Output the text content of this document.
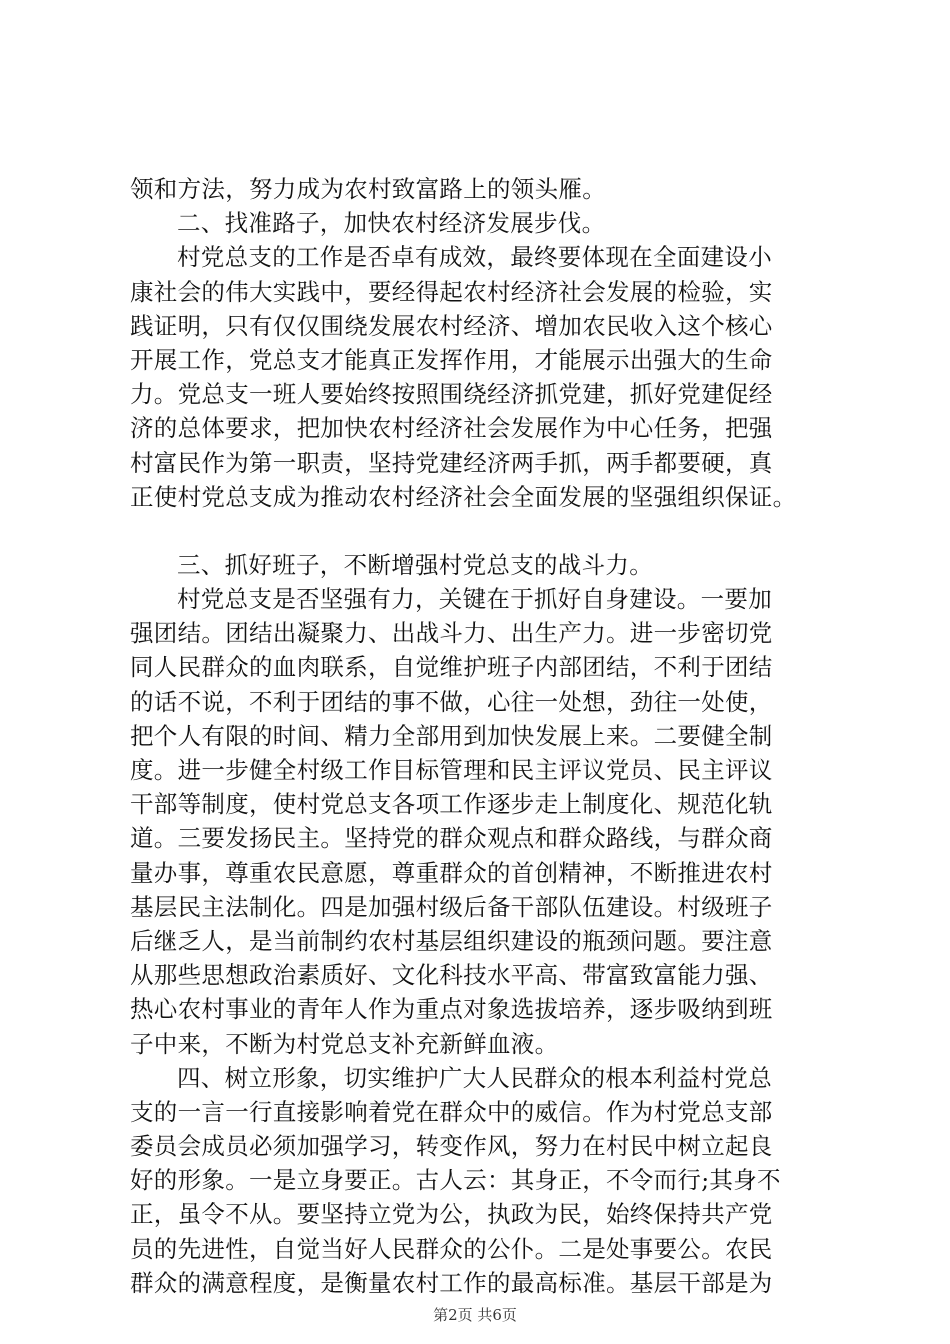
领和方法，努力成为农村致富路上的领头雁。
二、找准路子，加快农村经济发展步伐。
村党总支的工作是否卓有成效，最终要体现在全面建设小
康社会的伟大实践中，要经得起农村经济社会发展的检验，实
践证明，只有仅仅围绕发展农村经济、增加农民收入这个核心
开展工作，党总支才能真正发挥作用，才能展示出强大的生命
力。党总支一班人要始终按照围绕经济抓党建，抓好党建促经
济的总体要求，把加快农村经济社会发展作为中心任务，把强
村富民作为第一职责，坚持党建经济两手抓，两手都要硬，真
正使村党总支成为推动农村经济社会全面发展的坚强组织保证。
三、抓好班子，不断增强村党总支的战斗力。
村党总支是否坚强有力，关键在于抓好自身建设。一要加
强团结。团结出凝聚力、出战斗力、出生产力。进一步密切党
同人民群众的血肉联系，自觉维护班子内部团结，不利于团结
的话不说，不利于团结的事不做，心往一处想，劲往一处使，
把个人有限的时间、精力全部用到加快发展上来。二要健全制
度。进一步健全村级工作目标管理和民主评议党员、民主评议
干部等制度，使村党总支各项工作逐步走上制度化、规范化轨
道。三要发扬民主。坚持党的群众观点和群众路线，与群众商
量办事，尊重农民意愿，尊重群众的首创精神，不断推进农村
基层民主法制化。四是加强村级后备干部队伍建设。村级班子
后继乏人，是当前制约农村基层组织建设的瓶颈问题。要注意
从那些思想政治素质好、文化科技水平高、带富致富能力强、
热心农村事业的青年人作为重点对象选拔培养，逐步吸纳到班
子中来，不断为村党总支补充新鲜血液。
四、树立形象，切实维护广大人民群众的根本利益村党总
支的一言一行直接影响着党在群众中的威信。作为村党总支部
委员会成员必须加强学习，转变作风，努力在村民中树立起良
好的形象。一是立身要正。古人云：其身正，不令而行;其身不
正，虽令不从。要坚持立党为公，执政为民，始终保持共产党
员的先进性，自觉当好人民群众的公仆。二是处事要公。农民
群众的满意程度，是衡量农村工作的最高标准。基层干部是为
第2页 共6页
